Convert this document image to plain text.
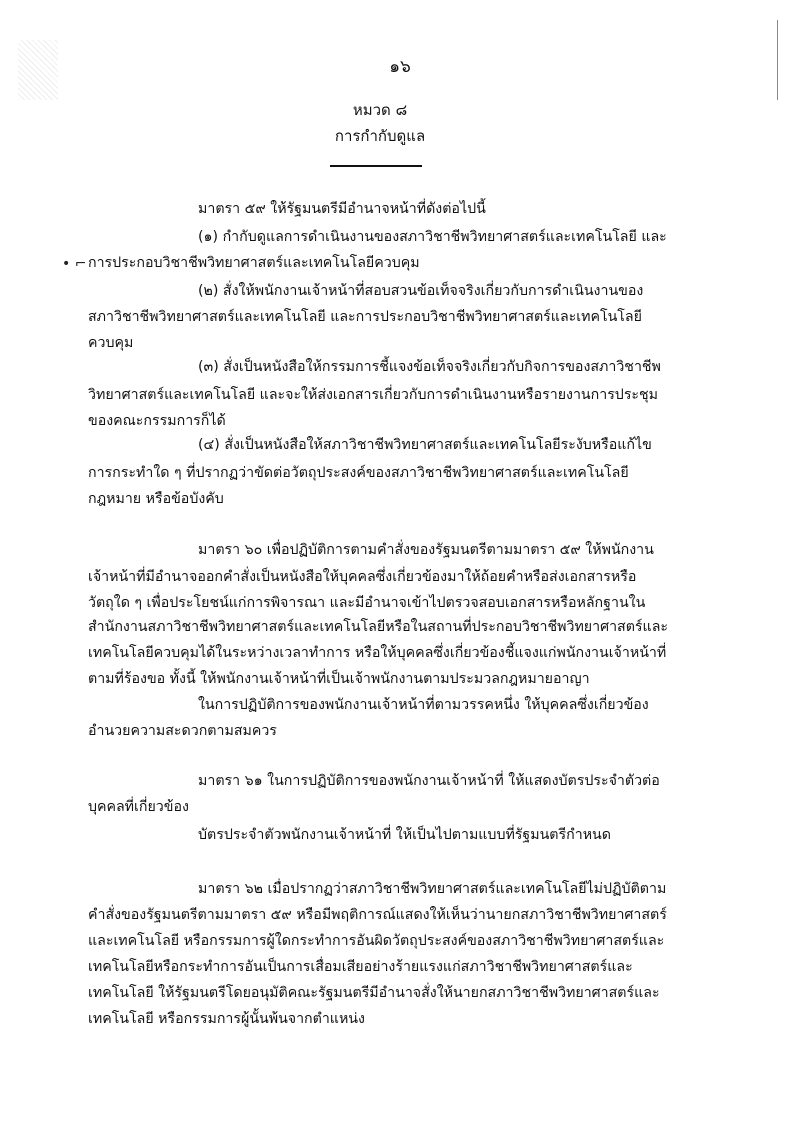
๑๖
หมวด ๘
การกำกับดูแล
• ⌐
มาตรา ๕๙ ให้รัฐมนตรีมีอำนาจหน้าที่ดังต่อไปนี้
(๑) กำกับดูแลการดำเนินงานของสภาวิชาชีพวิทยาศาสตร์และเทคโนโลยี และ
การประกอบวิชาชีพวิทยาศาสตร์และเทคโนโลยีควบคุม
(๒) สั่งให้พนักงานเจ้าหน้าที่สอบสวนข้อเท็จจริงเกี่ยวกับการดำเนินงานของ
สภาวิชาชีพวิทยาศาสตร์และเทคโนโลยี และการประกอบวิชาชีพวิทยาศาสตร์และเทคโนโลยี
ควบคุม
(๓) สั่งเป็นหนังสือให้กรรมการชี้แจงข้อเท็จจริงเกี่ยวกับกิจการของสภาวิชาชีพ
วิทยาศาสตร์และเทคโนโลยี และจะให้ส่งเอกสารเกี่ยวกับการดำเนินงานหรือรายงานการประชุม
ของคณะกรรมการก็ได้
(๔) สั่งเป็นหนังสือให้สภาวิชาชีพวิทยาศาสตร์และเทคโนโลยีระงับหรือแก้ไข
การกระทำใด ๆ ที่ปรากฏว่าขัดต่อวัตถุประสงค์ของสภาวิชาชีพวิทยาศาสตร์และเทคโนโลยี
กฎหมาย หรือข้อบังคับ
มาตรา ๖๐ เพื่อปฏิบัติการตามคำสั่งของรัฐมนตรีตามมาตรา ๕๙ ให้พนักงาน
เจ้าหน้าที่มีอำนาจออกคำสั่งเป็นหนังสือให้บุคคลซึ่งเกี่ยวข้องมาให้ถ้อยคำหรือส่งเอกสารหรือ
วัตถุใด ๆ เพื่อประโยชน์แก่การพิจารณา และมีอำนาจเข้าไปตรวจสอบเอกสารหรือหลักฐานใน
สำนักงานสภาวิชาชีพวิทยาศาสตร์และเทคโนโลยีหรือในสถานที่ประกอบวิชาชีพวิทยาศาสตร์และ
เทคโนโลยีควบคุมได้ในระหว่างเวลาทำการ หรือให้บุคคลซึ่งเกี่ยวข้องชี้แจงแก่พนักงานเจ้าหน้าที่
ตามที่ร้องขอ ทั้งนี้ ให้พนักงานเจ้าหน้าที่เป็นเจ้าพนักงานตามประมวลกฎหมายอาญา
ในการปฏิบัติการของพนักงานเจ้าหน้าที่ตามวรรคหนึ่ง ให้บุคคลซึ่งเกี่ยวข้อง
อำนวยความสะดวกตามสมควร
มาตรา ๖๑ ในการปฏิบัติการของพนักงานเจ้าหน้าที่ ให้แสดงบัตรประจำตัวต่อ
บุคคลที่เกี่ยวข้อง
บัตรประจำตัวพนักงานเจ้าหน้าที่ ให้เป็นไปตามแบบที่รัฐมนตรีกำหนด
มาตรา ๖๒ เมื่อปรากฏว่าสภาวิชาชีพวิทยาศาสตร์และเทคโนโลยีไม่ปฏิบัติตาม
คำสั่งของรัฐมนตรีตามมาตรา ๕๙ หรือมีพฤติการณ์แสดงให้เห็นว่านายกสภาวิชาชีพวิทยาศาสตร์
และเทคโนโลยี หรือกรรมการผู้ใดกระทำการอันผิดวัตถุประสงค์ของสภาวิชาชีพวิทยาศาสตร์และ
เทคโนโลยีหรือกระทำการอันเป็นการเสื่อมเสียอย่างร้ายแรงแก่สภาวิชาชีพวิทยาศาสตร์และ
เทคโนโลยี ให้รัฐมนตรีโดยอนุมัติคณะรัฐมนตรีมีอำนาจสั่งให้นายกสภาวิชาชีพวิทยาศาสตร์และ
เทคโนโลยี หรือกรรมการผู้นั้นพ้นจากตำแหน่ง
